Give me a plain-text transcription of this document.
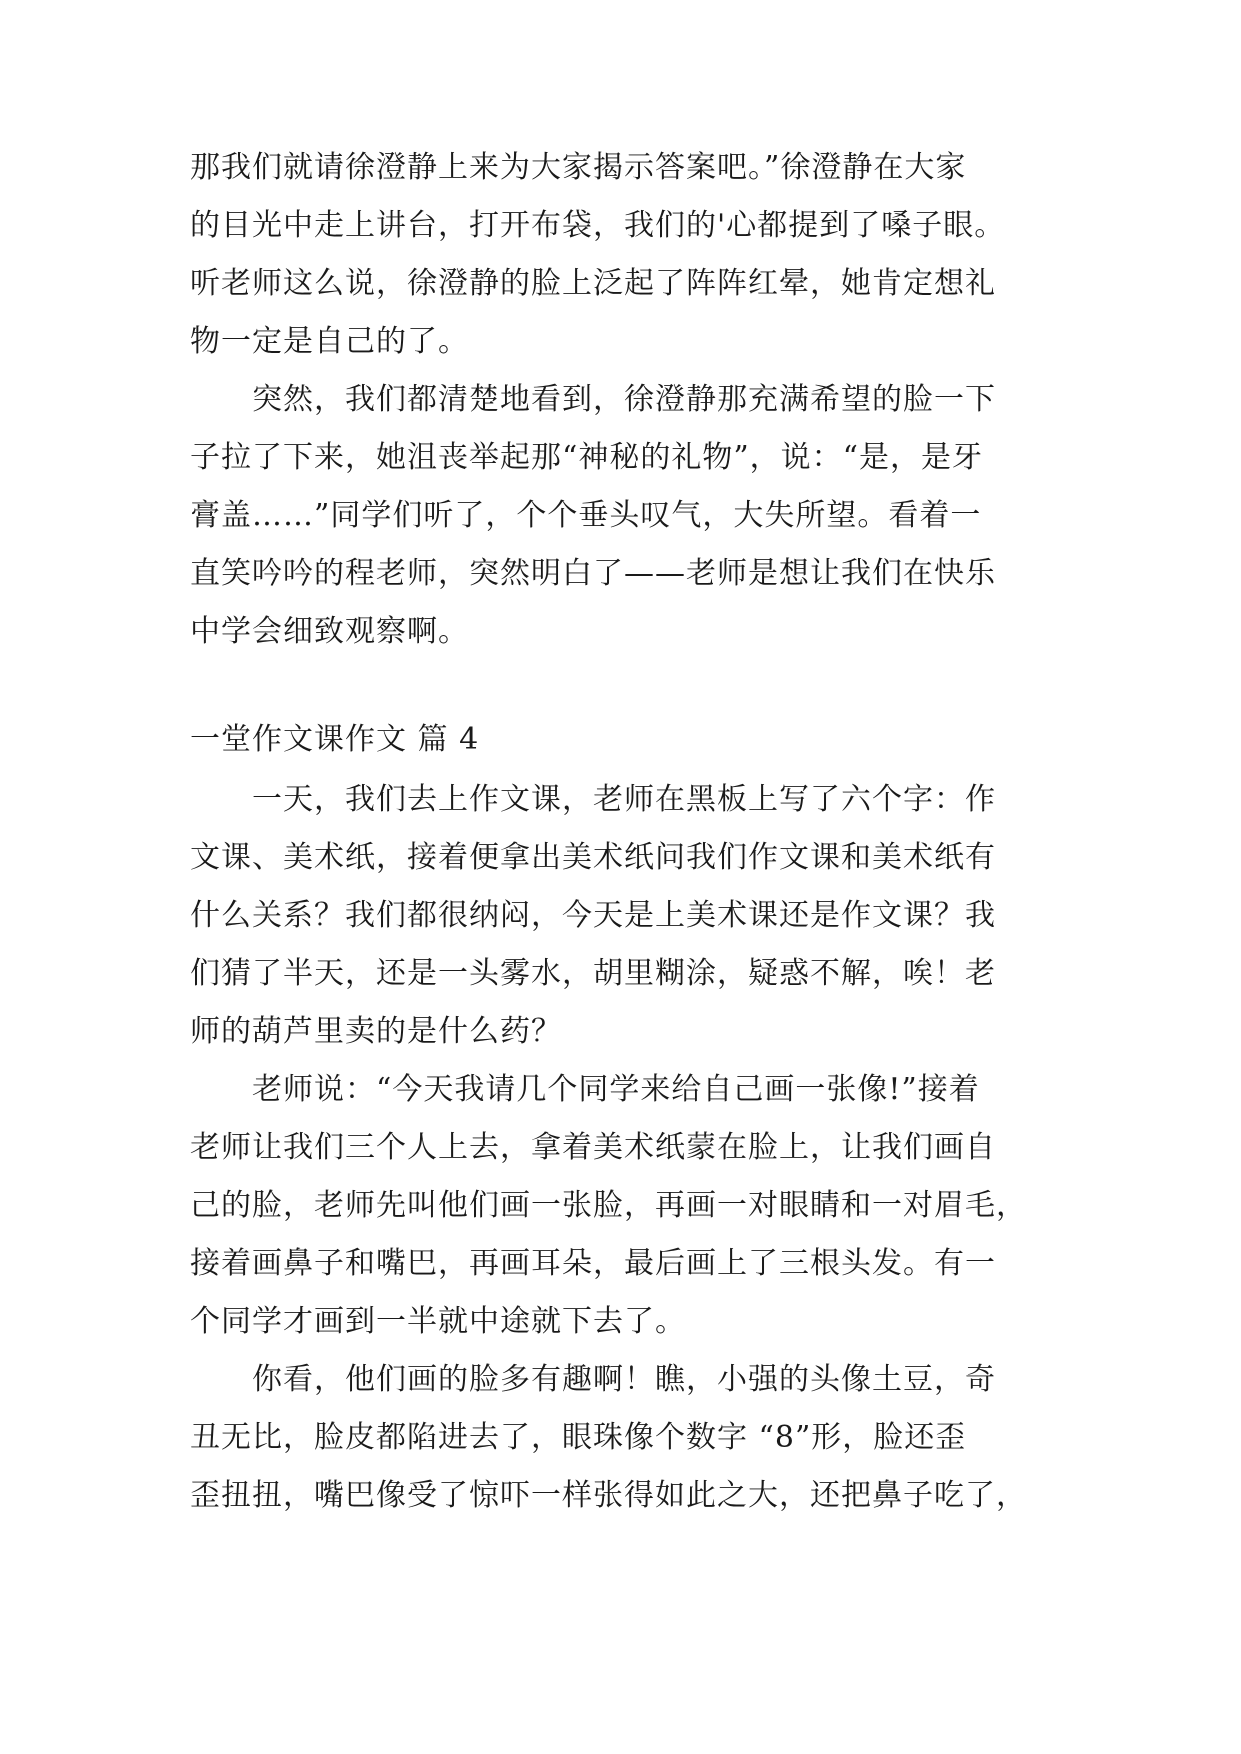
那我们就请徐澄静上来为大家揭示答案吧。”徐澄静在大家
的目光中走上讲台，打开布袋，我们的'心都提到了嗓子眼。
听老师这么说，徐澄静的脸上泛起了阵阵红晕，她肯定想礼
物一定是自己的了。
　　突然，我们都清楚地看到，徐澄静那充满希望的脸一下
子拉了下来，她沮丧举起那“神秘的礼物”，说：“是，是牙
膏盖……”同学们听了，个个垂头叹气，大失所望。看着一
直笑吟吟的程老师，突然明白了——老师是想让我们在快乐
中学会细致观察啊。
一堂作文课作文 篇 4
　　一天，我们去上作文课，老师在黑板上写了六个字：作
文课、美术纸，接着便拿出美术纸问我们作文课和美术纸有
什么关系？我们都很纳闷，今天是上美术课还是作文课？我
们猜了半天，还是一头雾水，胡里糊涂，疑惑不解，唉！老
师的葫芦里卖的是什么药？
　　老师说：“今天我请几个同学来给自己画一张像!”接着
老师让我们三个人上去，拿着美术纸蒙在脸上，让我们画自
己的脸，老师先叫他们画一张脸，再画一对眼睛和一对眉毛，
接着画鼻子和嘴巴，再画耳朵，最后画上了三根头发。有一
个同学才画到一半就中途就下去了。
　　你看，他们画的脸多有趣啊！瞧，小强的头像土豆，奇
丑无比，脸皮都陷进去了，眼珠像个数字 “8”形，脸还歪
歪扭扭，嘴巴像受了惊吓一样张得如此之大，还把鼻子吃了，
